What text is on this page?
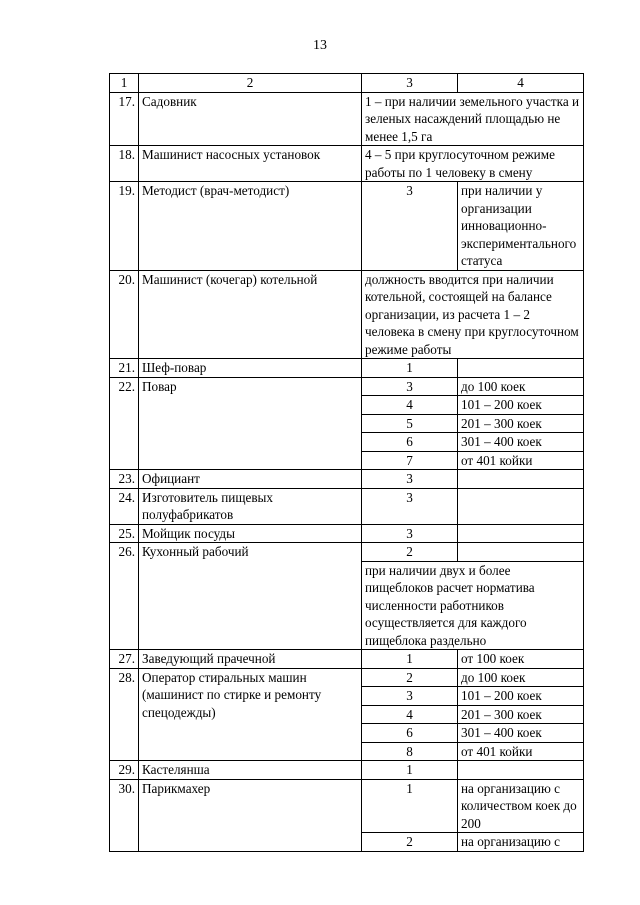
13
1	2	3	4
17.	Садовник	1 – при наличии земельного участка и зеленых насаждений площадью не менее 1,5 га	
18.	Машинист насосных установок	4 – 5 при круглосуточном режиме работы по 1 человеку в смену	
19.	Методист (врач-методист)	3	при наличии у организации инновационно-экспериментального статуса
20.	Машинист (кочегар) котельной	должность вводится при наличии котельной, состоящей на балансе организации, из расчета 1 – 2 человека в смену при круглосуточном режиме работы	
21.	Шеф-повар	1	
22.	Повар	3	до 100 коек
		4	101 – 200 коек
		5	201 – 300 коек
		6	301 – 400 коек
		7	от 401 койки
23.	Официант	3	
24.	Изготовитель пищевых полуфабрикатов	3	
25.	Мойщик посуды	3	
26.	Кухонный рабочий	2	
		при наличии двух и более пищеблоков расчет норматива численности работников осуществляется для каждого пищеблока раздельно	
27.	Заведующий прачечной	1	от 100 коек
28.	Оператор стиральных машин (машинист по стирке и ремонту спецодежды)	2	до 100 коек
		3	101 – 200 коек
		4	201 – 300 коек
		6	301 – 400 коек
		8	от 401 койки
29.	Кастелянша	1	
30.	Парикмахер	1	на организацию с количеством коек до 200
		2	на организацию с
